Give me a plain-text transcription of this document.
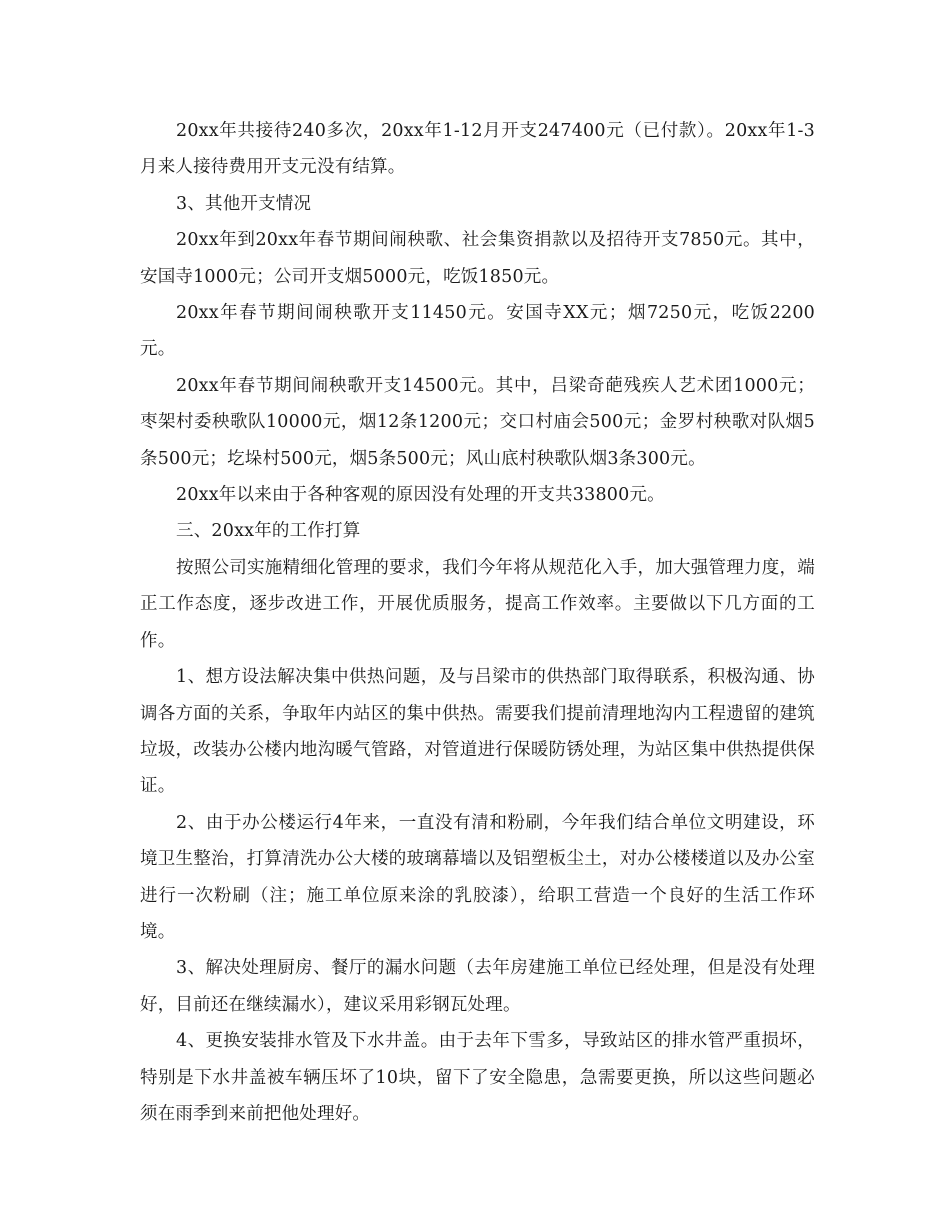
20xx年共接待240多次，20xx年1-12月开支247400元（已付款）。20xx年1-3月来人接待费用开支元没有结算。

3、其他开支情况

20xx年到20xx年春节期间闹秧歌、社会集资捐款以及招待开支7850元。其中，安国寺1000元；公司开支烟5000元，吃饭1850元。

20xx年春节期间闹秧歌开支11450元。安国寺XX元；烟7250元，吃饭2200元。

20xx年春节期间闹秧歌开支14500元。其中，吕梁奇葩残疾人艺术团1000元；枣架村委秧歌队10000元，烟12条1200元；交口村庙会500元；金罗村秧歌对队烟5条500元；圪垛村500元，烟5条500元；风山底村秧歌队烟3条300元。

20xx年以来由于各种客观的原因没有处理的开支共33800元。

三、20xx年的工作打算

按照公司实施精细化管理的要求，我们今年将从规范化入手，加大强管理力度，端正工作态度，逐步改进工作，开展优质服务，提高工作效率。主要做以下几方面的工作。

1、想方设法解决集中供热问题，及与吕梁市的供热部门取得联系，积极沟通、协调各方面的关系，争取年内站区的集中供热。需要我们提前清理地沟内工程遗留的建筑垃圾，改装办公楼内地沟暖气管路，对管道进行保暖防锈处理，为站区集中供热提供保证。

2、由于办公楼运行4年来，一直没有清和粉刷，今年我们结合单位文明建设，环境卫生整治，打算清洗办公大楼的玻璃幕墙以及铝塑板尘土，对办公楼楼道以及办公室进行一次粉刷（注；施工单位原来涂的乳胶漆），给职工营造一个良好的生活工作环境。

3、解决处理厨房、餐厅的漏水问题（去年房建施工单位已经处理，但是没有处理好，目前还在继续漏水），建议采用彩钢瓦处理。

4、更换安装排水管及下水井盖。由于去年下雪多，导致站区的排水管严重损坏，特别是下水井盖被车辆压坏了10块，留下了安全隐患，急需要更换，所以这些问题必须在雨季到来前把他处理好。
